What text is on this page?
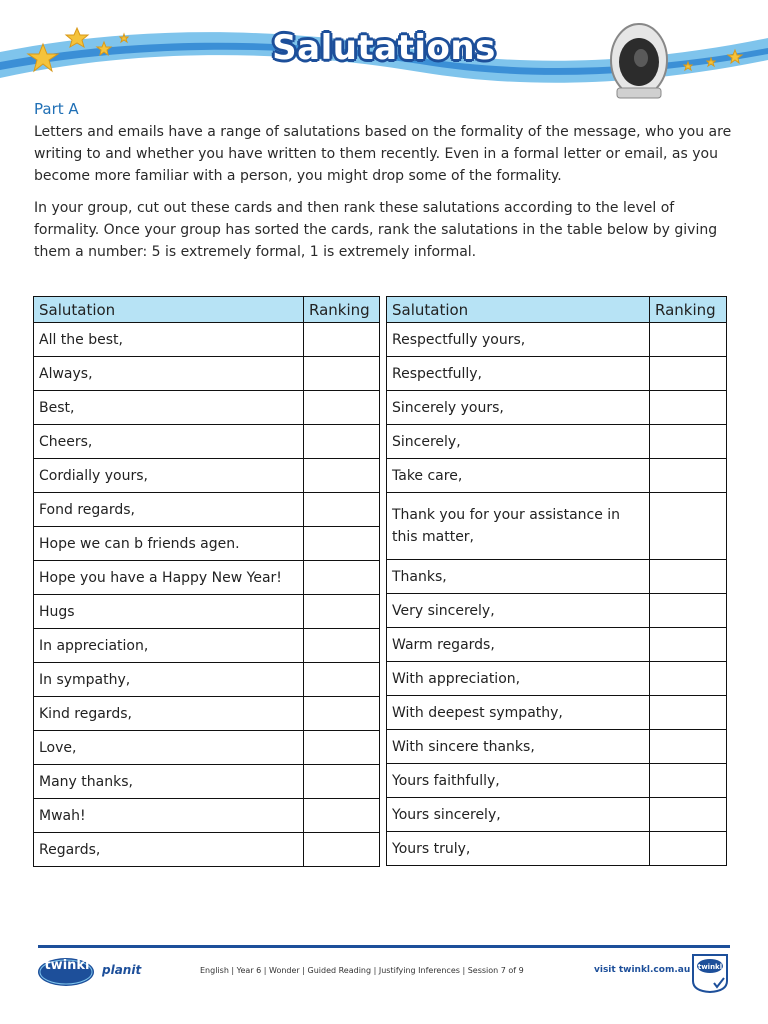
Salutations
Part A

Letters and emails have a range of salutations based on the formality of the message, who you are writing to and whether you have written to them recently. Even in a formal letter or email, as you become more familiar with a person, you might drop some of the formality.

In your group, cut out these cards and then rank these salutations according to the level of formality. Once your group has sorted the cards, rank the salutations in the table below by giving them a number: 5 is extremely formal, 1 is extremely informal.

Salutation	Ranking
All the best,	
Always,	
Best,	
Cheers,	
Cordially yours,	
Fond regards,	
Hope we can b friends agen.	
Hope you have a Happy New Year!	
Hugs	
In appreciation,	
In sympathy,	
Kind regards,	
Love,	
Many thanks,	
Mwah!	
Regards,	
Salutation	Ranking
Respectfully yours,	
Respectfully,	
Sincerely yours,	
Sincerely,	
Take care,	
Thank you for your assistance in this matter,	
Thanks,	
Very sincerely,	
Warm regards,	
With appreciation,	
With deepest sympathy,	
With sincere thanks,	
Yours faithfully,	
Yours sincerely,	
Yours truly,	
twinkl	planit	English | Year 6 | Wonder | Guided Reading | Justifying Inferences | Session 7 of 9	visit twinkl.com.au twinkl
